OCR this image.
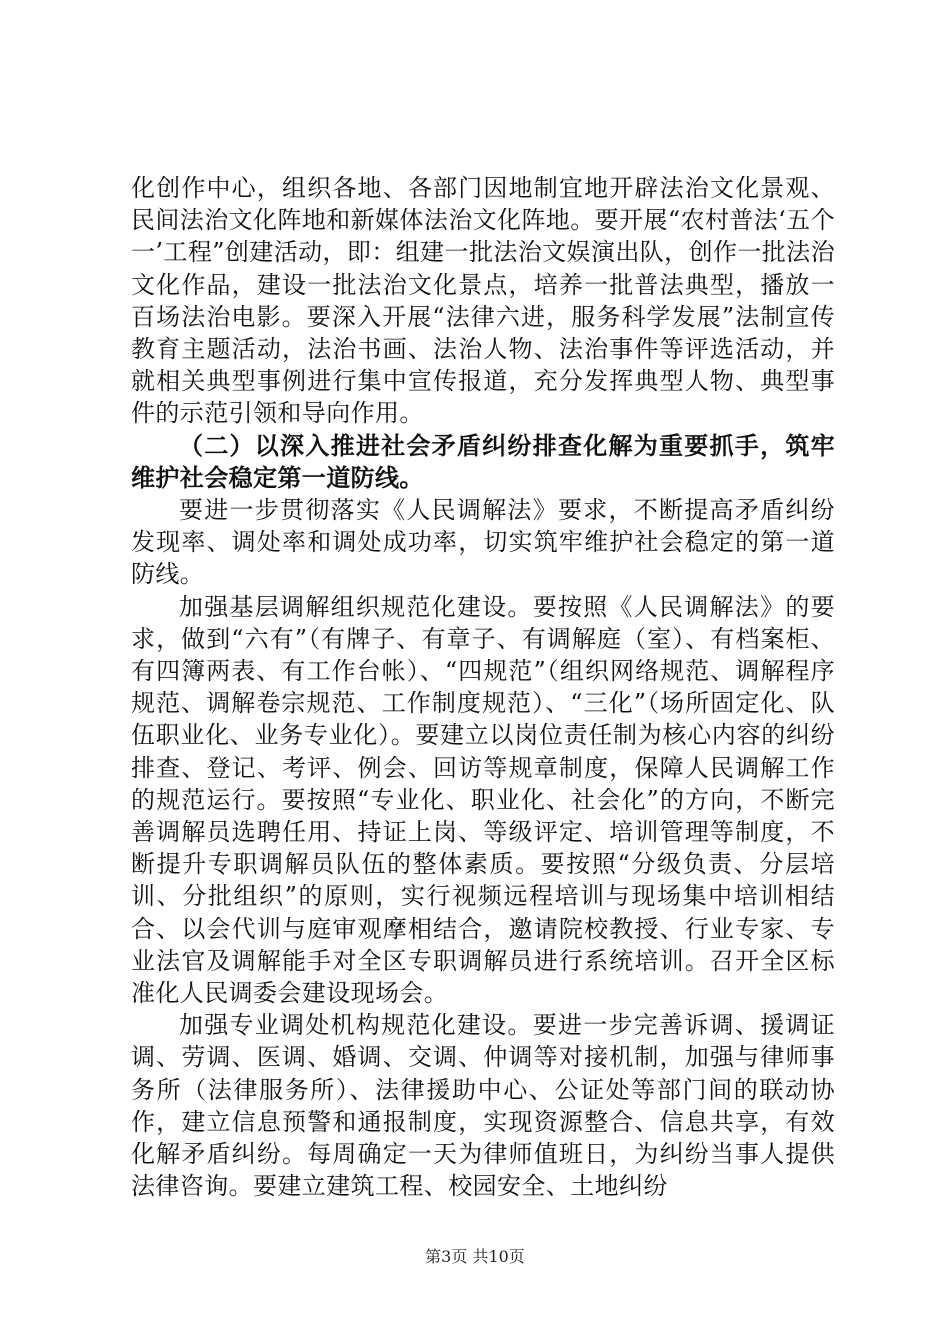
化创作中心，组织各地、各部门因地制宜地开辟法治文化景观、民间法治文化阵地和新媒体法治文化阵地。要开展“农村普法‘五个一’工程”创建活动，即：组建一批法治文娱演出队，创作一批法治文化作品，建设一批法治文化景点，培养一批普法典型，播放一百场法治电影。要深入开展“法律六进，服务科学发展”法制宣传教育主题活动，法治书画、法治人物、法治事件等评选活动，并就相关典型事例进行集中宣传报道，充分发挥典型人物、典型事件的示范引领和导向作用。

（二）以深入推进社会矛盾纠纷排查化解为重要抓手，筑牢维护社会稳定第一道防线。

要进一步贯彻落实《人民调解法》要求，不断提高矛盾纠纷发现率、调处率和调处成功率，切实筑牢维护社会稳定的第一道防线。

加强基层调解组织规范化建设。要按照《人民调解法》的要求，做到“六有”（有牌子、有章子、有调解庭（室）、有档案柜、有四簿两表、有工作台帐）、“四规范”（组织网络规范、调解程序规范、调解卷宗规范、工作制度规范）、“三化”（场所固定化、队伍职业化、业务专业化）。要建立以岗位责任制为核心内容的纠纷排查、登记、考评、例会、回访等规章制度，保障人民调解工作的规范运行。要按照“专业化、职业化、社会化”的方向，不断完善调解员选聘任用、持证上岗、等级评定、培训管理等制度，不断提升专职调解员队伍的整体素质。要按照“分级负责、分层培训、分批组织”的原则，实行视频远程培训与现场集中培训相结合、以会代训与庭审观摩相结合，邀请院校教授、行业专家、专业法官及调解能手对全区专职调解员进行系统培训。召开全区标准化人民调委会建设现场会。

加强专业调处机构规范化建设。要进一步完善诉调、援调证调、劳调、医调、婚调、交调、仲调等对接机制，加强与律师事务所（法律服务所）、法律援助中心、公证处等部门间的联动协作，建立信息预警和通报制度，实现资源整合、信息共享，有效化解矛盾纠纷。每周确定一天为律师值班日，为纠纷当事人提供法律咨询。要建立建筑工程、校园安全、土地纠纷

第3页 共10页
